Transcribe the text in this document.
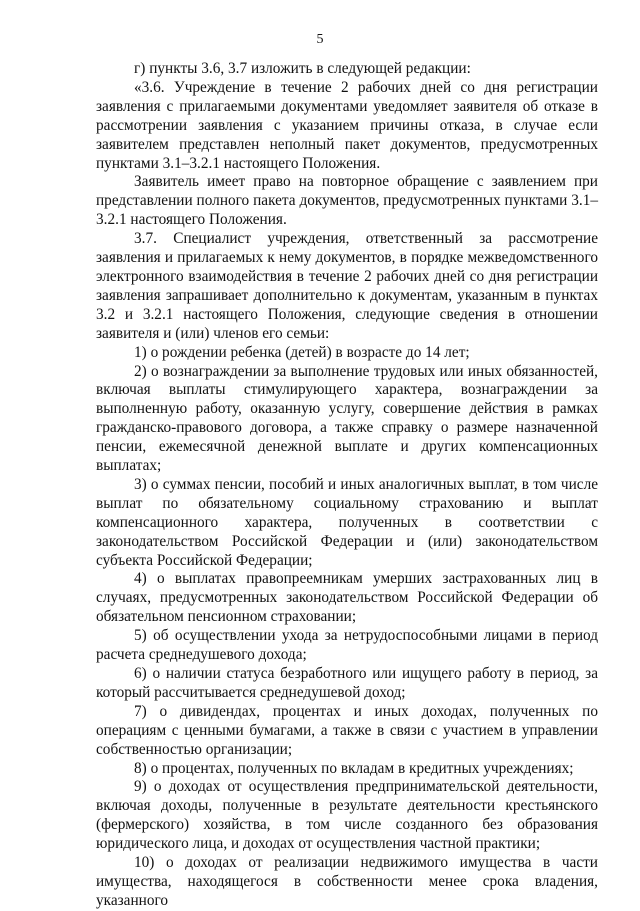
5

г) пункты 3.6, 3.7 изложить в следующей редакции:

«3.6. Учреждение в течение 2 рабочих дней со дня регистрации заявления с прилагаемыми документами уведомляет заявителя об отказе в рассмотрении заявления с указанием причины отказа, в случае если заявителем представлен неполный пакет документов, предусмотренных пунктами 3.1–3.2.1 настоящего Положения.

Заявитель имеет право на повторное обращение с заявлением при представлении полного пакета документов, предусмотренных пунктами 3.1–3.2.1 настоящего Положения.

3.7. Специалист учреждения, ответственный за рассмотрение заявления и прилагаемых к нему документов, в порядке межведомственного электронного взаимодействия в течение 2 рабочих дней со дня регистрации заявления запрашивает дополнительно к документам, указанным в пунктах 3.2 и 3.2.1 настоящего Положения, следующие сведения в отношении заявителя и (или) членов его семьи:

1) о рождении ребенка (детей) в возрасте до 14 лет;

2) о вознаграждении за выполнение трудовых или иных обязанностей, включая выплаты стимулирующего характера, вознаграждении за выполненную работу, оказанную услугу, совершение действия в рамках гражданско-правового договора, а также справку о размере назначенной пенсии, ежемесячной денежной выплате и других компенсационных выплатах;

3) о суммах пенсии, пособий и иных аналогичных выплат, в том числе выплат по обязательному социальному страхованию и выплат компенсационного характера, полученных в соответствии с законодательством Российской Федерации и (или) законодательством субъекта Российской Федерации;

4) о выплатах правопреемникам умерших застрахованных лиц в случаях, предусмотренных законодательством Российской Федерации об обязательном пенсионном страховании;

5) об осуществлении ухода за нетрудоспособными лицами в период расчета среднедушевого дохода;

6) о наличии статуса безработного или ищущего работу в период, за который рассчитывается среднедушевой доход;

7) о дивидендах, процентах и иных доходах, полученных по операциям с ценными бумагами, а также в связи с участием в управлении собственностью организации;

8) о процентах, полученных по вкладам в кредитных учреждениях;

9) о доходах от осуществления предпринимательской деятельности, включая доходы, полученные в результате деятельности крестьянского (фермерского) хозяйства, в том числе созданного без образования юридического лица, и доходах от осуществления частной практики;

10) о доходах от реализации недвижимого имущества в части имущества, находящегося в собственности менее срока владения, указанного
